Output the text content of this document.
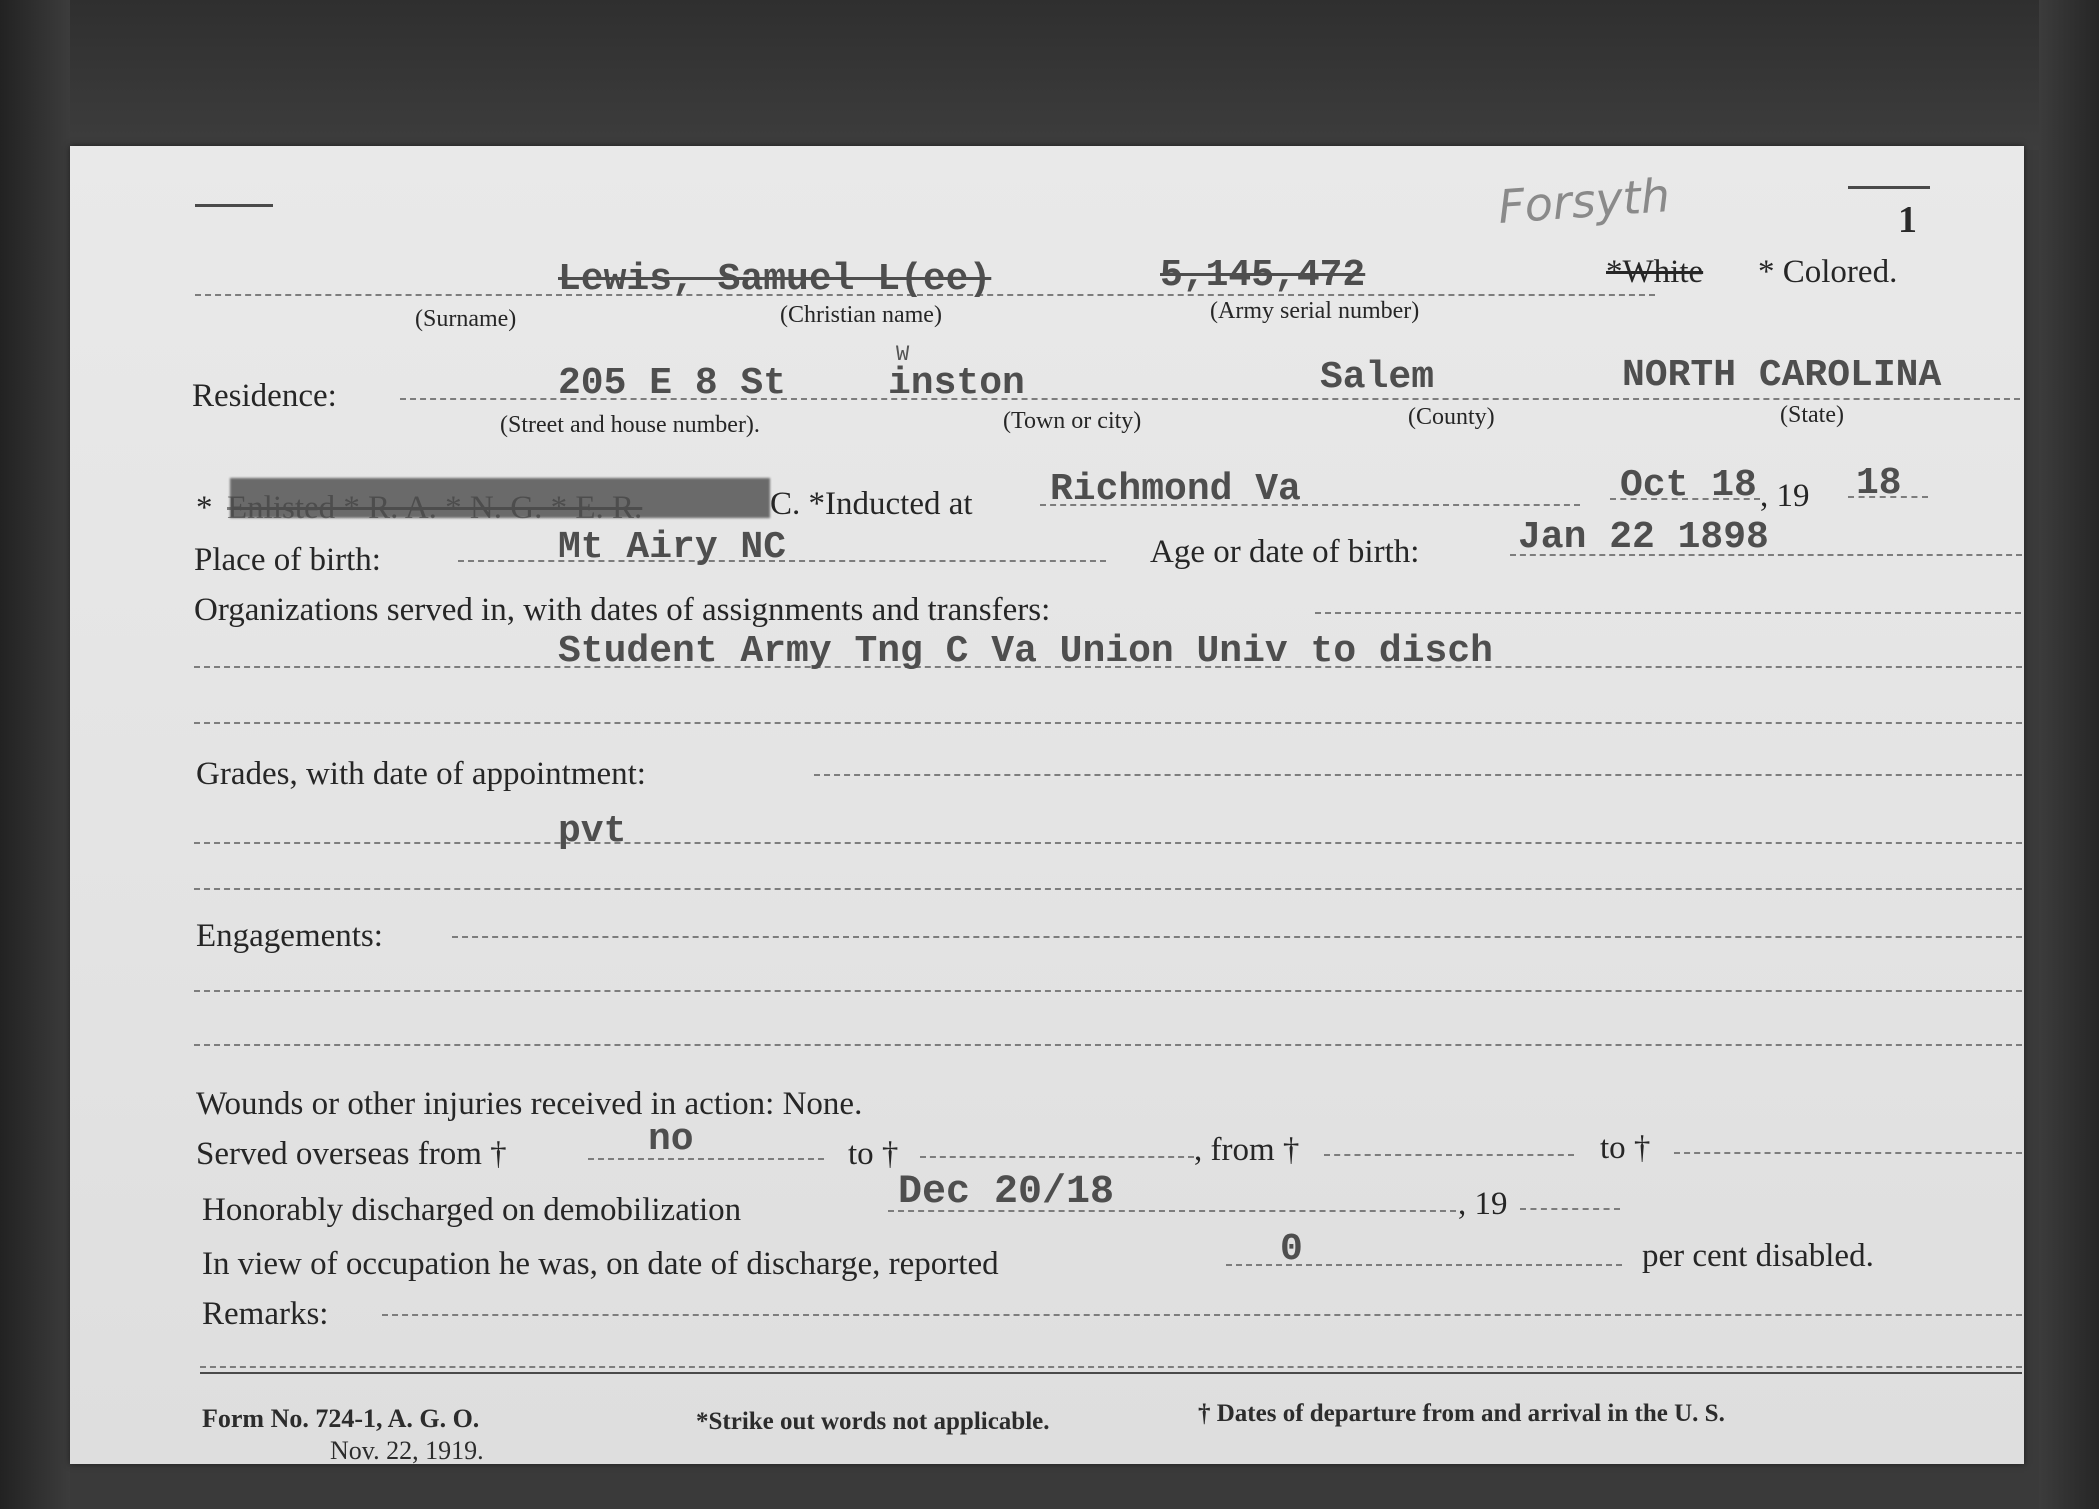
1
Forsyth
Lewis, Samuel L(ee)	5,145,472	*White * Colored.
(Surname)	(Christian name)	(Army serial number)
Residence:	205 E 8 St
W
inston	Salem	NORTH CAROLINA
(Street and house number).	(Town or city)	(County)	(State)
* Enlisted * R. A. * N. G. * E. R.	C. *Inducted at Richmond Va	Oct 18 , 19 18
Place of birth:	Mt Airy NC	Age or date of birth:	Jan 22 1898
Organizations served in, with dates of assignments and transfers:
Student Army Tng C Va Union Univ to disch
Grades, with date of appointment:
pvt
Engagements:
Wounds or other injuries received in action: None.
Served overseas from †	no	to †	, from †	to †
Honorably discharged on demobilization	Dec 20/18	, 19
In view of occupation he was, on date of discharge, reported	0	per cent disabled.
Remarks:
Form No. 724-1, A. G. O.
Nov. 22, 1919.
*Strike out words not applicable.	† Dates of departure from and arrival in the U. S.
